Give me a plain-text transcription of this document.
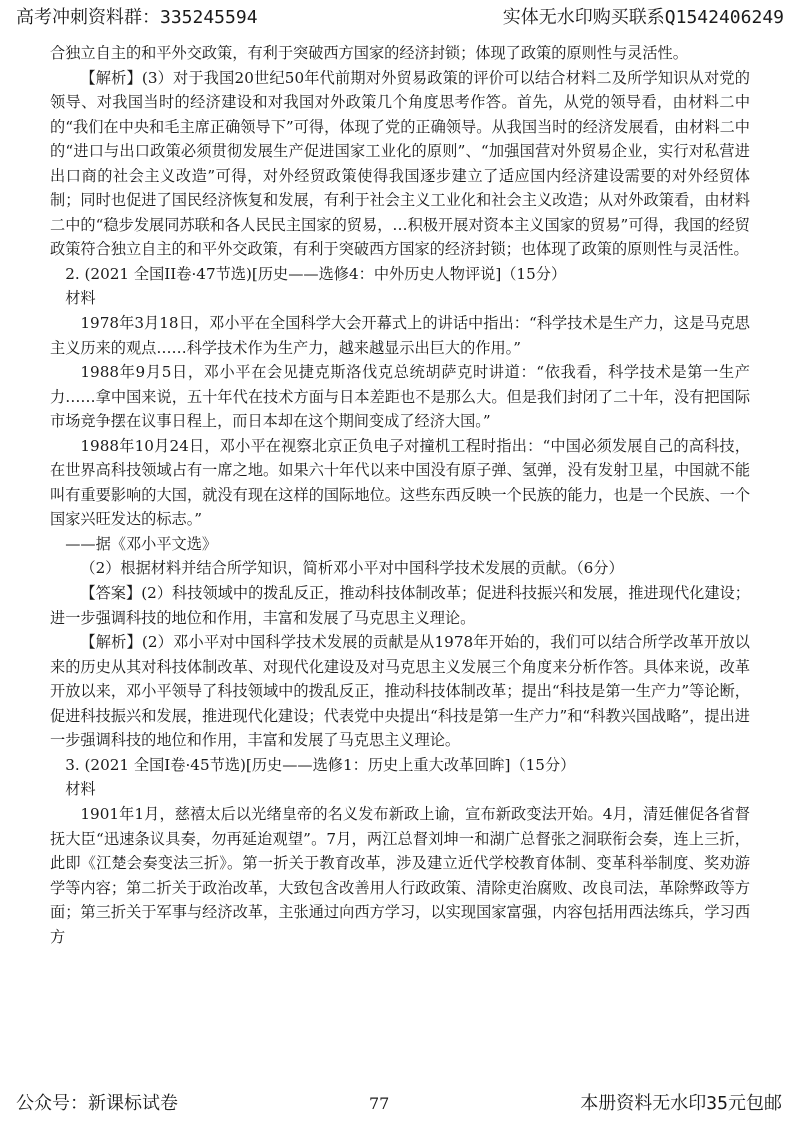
高考冲刺资料群：335245594	实体无水印购买联系Q1542406249

合独立自主的和平外交政策，有利于突破西方国家的经济封锁；体现了政策的原则性与灵活性。

【解析】(3）对于我国20世纪50年代前期对外贸易政策的评价可以结合材料二及所学知识从对党的领导、对我国当时的经济建设和对我国对外政策几个角度思考作答。首先，从党的领导看，由材料二中的“我们在中央和毛主席正确领导下”可得，体现了党的正确领导。从我国当时的经济发展看，由材料二中的“进口与出口政策必须贯彻发展生产促进国家工业化的原则”、“加强国营对外贸易企业，实行对私营进出口商的社会主义改造”可得，对外经贸政策使得我国逐步建立了适应国内经济建设需要的对外经贸体制；同时也促进了国民经济恢复和发展，有利于社会主义工业化和社会主义改造；从对外政策看，由材料二中的“稳步发展同苏联和各人民民主国家的贸易，…积极开展对资本主义国家的贸易”可得，我国的经贸政策符合独立自主的和平外交政策，有利于突破西方国家的经济封锁；也体现了政策的原则性与灵活性。

2. (2021 全国II卷·47节选)[历史——选修4：中外历史人物评说]（15分）

材料

1978年3月18日，邓小平在全国科学大会开幕式上的讲话中指出：“科学技术是生产力，这是马克思主义历来的观点……科学技术作为生产力，越来越显示出巨大的作用。”

1988年9月5日，邓小平在会见捷克斯洛伐克总统胡萨克时讲道：“依我看，科学技术是第一生产力……拿中国来说，五十年代在技术方面与日本差距也不是那么大。但是我们封闭了二十年，没有把国际市场竞争摆在议事日程上，而日本却在这个期间变成了经济大国。”

1988年10月24日，邓小平在视察北京正负电子对撞机工程时指出：“中国必须发展自己的高科技，在世界高科技领域占有一席之地。如果六十年代以来中国没有原子弹、氢弹，没有发射卫星，中国就不能叫有重要影响的大国，就没有现在这样的国际地位。这些东西反映一个民族的能力，也是一个民族、一个国家兴旺发达的标志。”

——据《邓小平文选》

（2）根据材料并结合所学知识，简析邓小平对中国科学技术发展的贡献。（6分）

【答案】(2）科技领域中的拨乱反正，推动科技体制改革；促进科技振兴和发展，推进现代化建设；进一步强调科技的地位和作用，丰富和发展了马克思主义理论。

【解析】(2）邓小平对中国科学技术发展的贡献是从1978年开始的，我们可以结合所学改革开放以来的历史从其对科技体制改革、对现代化建设及对马克思主义发展三个角度来分析作答。具体来说，改革开放以来，邓小平领导了科技领域中的拨乱反正，推动科技体制改革；提出“科技是第一生产力”等论断，促进科技振兴和发展，推进现代化建设；代表党中央提出“科技是第一生产力”和“科教兴国战略”，提出进一步强调科技的地位和作用，丰富和发展了马克思主义理论。

3. (2021 全国I卷·45节选)[历史——选修1：历史上重大改革回眸]（15分）

材料

1901年1月，慈禧太后以光绪皇帝的名义发布新政上谕，宣布新政变法开始。4月，清廷催促各省督抚大臣“迅速条议具奏，勿再延迨观望”。7月，两江总督刘坤一和湖广总督张之洞联衔会奏，连上三折，此即《江楚会奏变法三折》。第一折关于教育改革，涉及建立近代学校教育体制、变革科举制度、奖劝游学等内容；第二折关于政治改革，大致包含改善用人行政政策、清除吏治腐败、改良司法，革除弊政等方面；第三折关于军事与经济改革，主张通过向西方学习，以实现国家富强，内容包括用西法练兵，学习西方

公众号：新课标试卷	77	本册资料无水印35元包邮
